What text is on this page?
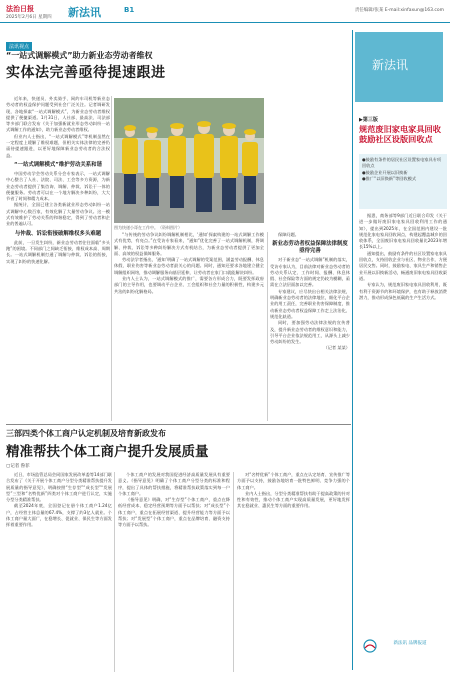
法治日报
2025年2月6日 星期四 新法讯	B1	责任编辑/张某 E-mail:xinfaxun@163.com
法讯视点
“一站式调解模式”助力新业态劳动者维权
实体法完善亟待提速跟进

近年来，快递员、外卖骑手、网约车司机等新业态劳动者的权益保护问题受到社会广泛关注。记者调研发现，各地探索“一站式调解模式”，为新业态劳动者维权提供了便捷渠道。1月31日，人社部、最高法、司法部等多部门联合发布《关于加强新就业形态劳动纠纷一站式调解工作的通知》，助力新业态劳动者维权。

但业内人士指出，“一站式调解模式”等机制虽然在一定程度上缓解了维权难题，但相关实体法律的完善仍亟待提速跟进，以更好地保障新业态劳动者的合法权益。

“一站式调解模式”维护劳动关系和谐

中国劳动学会劳动关系分会专家表示，一站式调解中心整合了人社、法院、司法、工会等多方资源，为新业态劳动者提供了集咨询、调解、仲裁、诉讼于一体的便捷服务。劳动者可以在一个地方解决多种纠纷，大大节省了时间和精力成本。

据统计，全国已建立各类新就业形态劳动纠纷一站式调解中心数百家，有效化解了大量劳动争议。这一模式有效维护了劳动关系的和谐稳定，得到了劳动者和企业的普遍认可。

与仲裁、诉讼衔接破解维权多头难题

此前，一旦发生纠纷，新业态劳动者往往面临“多头跑”的困境。不同部门之间缺乏衔接，维权成本高、周期长。一站式调解机制打通了调解与仲裁、诉讼的衔接，实现了纠纷的快速化解。

图为快递小哥在工作中。（资料图片）

“与传统的劳动争议纠纷调解机制相比，‘通知’探索构建的一站式调解工作模式有优势，有亮点。”在受访专家看来，“通知”优化完善了一站式调解机制，将调解、仲裁、诉讼等多种纠纷解决方式有机结合，为新业态劳动者提供了更加全面、高效的权益保障服务。

劳动法学者指出，‘通知’明确了一站式调解的受案范围，涵盖劳动报酬、休息休假、职业伤害等新业态劳动者最关心的问题。同时，通知还要求各地建立健全调解组织网络，推动调解服务向基层延伸，让劳动者在家门口就能解决纠纷。

业内人士认为，一站式调解模式的推广，需要各方形成合力，既要发挥政府部门的主导作用，也要调动平台企业、工会组织和社会力量的积极性，构建多元共治的纠纷化解格局。

保障问题。

新业态劳动者权益保障法律制度亟待完善

对于新业态“一站式调解”机制的落实，受访专家认为，目前法律对新业态劳动者的劳动关系认定、工作时间、报酬、休息休假、社会保险等方面的规定仍较为模糊，亟需在立法层面加以完善。

专家建议，应尽快出台相关法律法规，明确新业态劳动者的法律地位，细化平台企业的用工责任，完善职业伤害保障制度，推动新业态劳动者权益保障工作走上法治化、规范化轨道。

同时，要加强劳动法律法规的宣传普及，提升新业态劳动者的维权意识和能力，引导平台企业依法规范用工，从源头上减少劳动纠纷的发生。

（记者 某某）
三部四类个体工商户认定机制及培育新政发布
精准帮扶个体工商户提升发展质量
▢记者 鲁菲

近日，市场监管总局会同国家发展改革委等14部门联合发布了《关于开展个体工商户分型分类精准帮扶提升发展质量的指导意见》，明确按照“生存型”“成长型”“发展型”三型和“名特优新”四类对个体工商户进行认定，实施分型分类精准帮扶。

截至2024年底，全国登记在册个体工商户1.24亿户，占经营主体总量的67.4%，支撑了约3亿人就业。个体工商户量大面广，在稳增长、促就业、保民生等方面发挥着重要作用。

个体工商户的发展对我国促进经济高质量发展具有重要意义。《指导意见》明确了个体工商户分型分类的标准和程序，提出了具体的帮扶措施，将精准帮扶政策落实到每一户个体工商户。

《指导意见》明确，对“生存型”个体工商户，重点在降低经营成本、稳定经营预期等方面予以帮扶；对“成长型”个体工商户，重点在拓展经营渠道、提升经营能力等方面予以帮扶；对“发展型”个体工商户，重点在品牌培育、融资支持等方面予以帮扶。

对“名特优新”个体工商户，重点在认定培育、宣传推广等方面予以支持，鼓励各地培育一批特色鲜明、竞争力强的个体工商户。

业内人士指出，分型分类精准帮扶有助于提高政策的针对性和有效性，推动个体工商户实现高质量发展，更好地发挥其在稳就业、惠民生等方面的重要作用。

新法讯
▶第三版
规范废旧家电家具回收鼓励社区设版回收点
●鼓励有条件的居民社区设置家电家具专项回收点
●鼓励企业开展以旧换新
●推广“以旧换新”等回收模式

据悉，商务部等9部门近日联合印发《关于进一步做好废旧家电家具回收利用工作的通知》，提出到2025年，在全国范围内建设一批规范化家电家具回收网点，构建起覆盖城乡的回收体系，全国废旧家电家具回收量比2023年增长15%以上。

通知提出，鼓励有条件的社区设置家电家具回收点，支持回收企业与社区、物业合作，方便居民交售。同时，鼓励家电、家具生产和销售企业开展以旧换新活动，畅通废旧家电家具回收渠道。

专家认为，规范废旧家电家具回收利用，既有利于资源节约和环境保护，也有助于释放消费潜力，推动形成绿色低碳的生产生活方式。

新法讯 品牌报道
